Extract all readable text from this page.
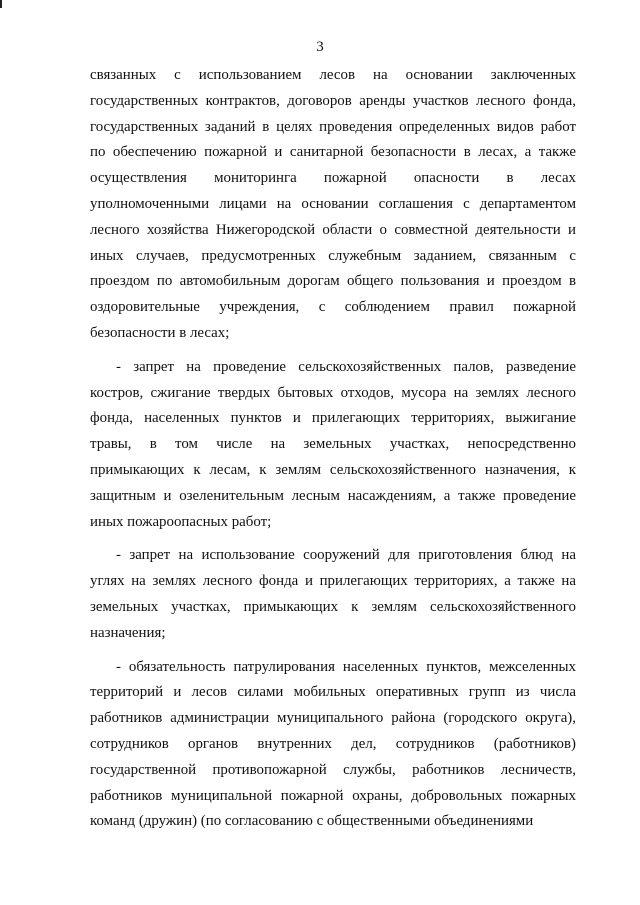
3
связанных с использованием лесов на основании заключенных
государственных контрактов, договоров аренды участков лесного фонда,
государственных заданий в целях проведения определенных видов работ
по обеспечению пожарной и санитарной безопасности в лесах, а также
осуществления мониторинга пожарной опасности в лесах
уполномоченными лицами на основании соглашения с департаментом
лесного хозяйства Нижегородской области о совместной деятельности и
иных случаев, предусмотренных служебным заданием, связанным с
проездом по автомобильным дорогам общего пользования и проездом в
оздоровительные учреждения, с соблюдением правил пожарной
безопасности в лесах;
- запрет на проведение сельскохозяйственных палов, разведение
костров, сжигание твердых бытовых отходов, мусора на землях лесного
фонда, населенных пунктов и прилегающих территориях, выжигание
травы, в том числе на земельных участках, непосредственно
примыкающих к лесам, к землям сельскохозяйственного назначения, к
защитным и озеленительным лесным насаждениям, а также проведение
иных пожароопасных работ;
- запрет на использование сооружений для приготовления блюд на
углях на землях лесного фонда и прилегающих территориях, а также на
земельных участках, примыкающих к землям сельскохозяйственного
назначения;
- обязательность патрулирования населенных пунктов, межселенных
территорий и лесов силами мобильных оперативных групп из числа
работников администрации муниципального района (городского округа),
сотрудников органов внутренних дел, сотрудников (работников)
государственной противопожарной службы, работников лесничеств,
работников муниципальной пожарной охраны, добровольных пожарных
команд (дружин) (по согласованию с общественными объединениями
